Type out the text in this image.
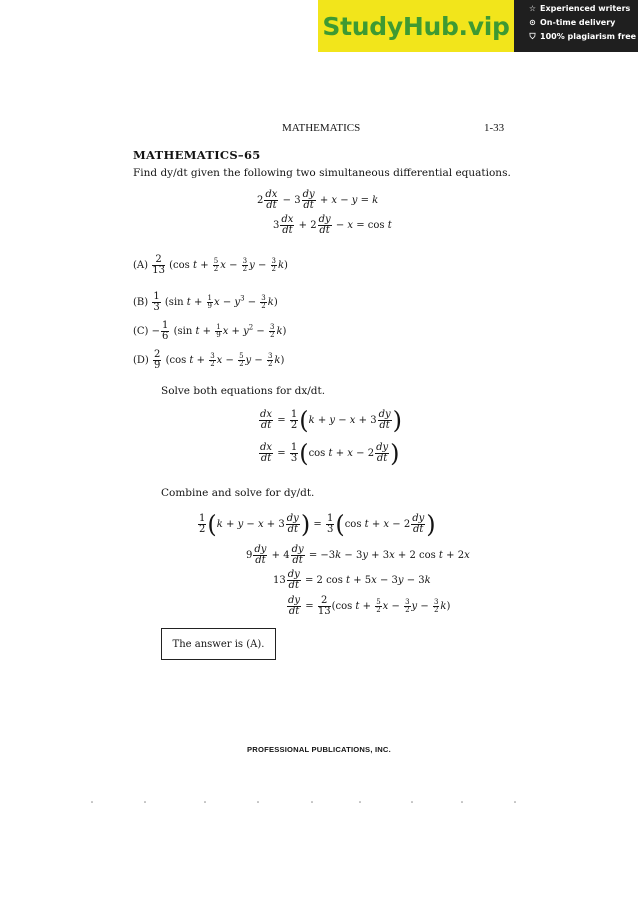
StudyHub.vip
☆ Experienced writers
⊙ On-time delivery
⛉ 100% plagiarism free
MATHEMATICS	1-33
MATHEMATICS–65
Find dy/dt given the following two simultaneous differential equations.
$2 \frac{dx}{dt} - 3 \frac{dy}{dt} + x - y = k$
$3 \frac{dx}{dt} + 2 \frac{dy}{dt} - x = \cos t$
$(A) \frac{2}{13} (\cos$ $t + \frac{5}{2}$ $x - \frac{3}{2}$ $y - \frac{3}{2} k$)
$(B) \frac{1}{3} (\sin$ $t + \frac{1}{9}$ $x - y^3 - \frac{3}{2} k$)
$(C) - \frac{1}{6} (\sin$ $t + \frac{1}{9}$ $x + y^2 - \frac{3}{2} k$)
$(D) \frac{2}{9} (\cos$ $t + \frac{3}{2}$ $x - \frac{5}{2}$ $y - \frac{3}{2} k$)
Solve both equations for dx/dt.
$\frac{dx}{dt} = \frac{1}{2} (k + y - x + 3 \frac{dy}{dt}$ )
$\frac{dx}{dt} = \frac{1}{3} (\cos$ $t + x - 2 \frac{dy}{dt}$ )
Combine and solve for dy/dt.
$\frac{1}{2} (k + y - x + 3 \frac{dy}{dt}$ ) = $\frac{1}{3} (\cos$ $t + x - 2 \frac{dy}{dt}$ )
$9 \frac{dy}{dt} + 4 \frac{dy}{dt} = -3k - 3y + 3x + 2$ cos t + 2x
$13 \frac{dy}{dt} = 2$ cos t + 5x − 3y − 3k
$\frac{dy}{dt} = \frac{2}{13} (\cos$ $t + \frac{5}{2}$ $x - \frac{3}{2}$ $y - \frac{3}{2} k$)
The answer is (A).
PROFESSIONAL PUBLICATIONS, INC.
